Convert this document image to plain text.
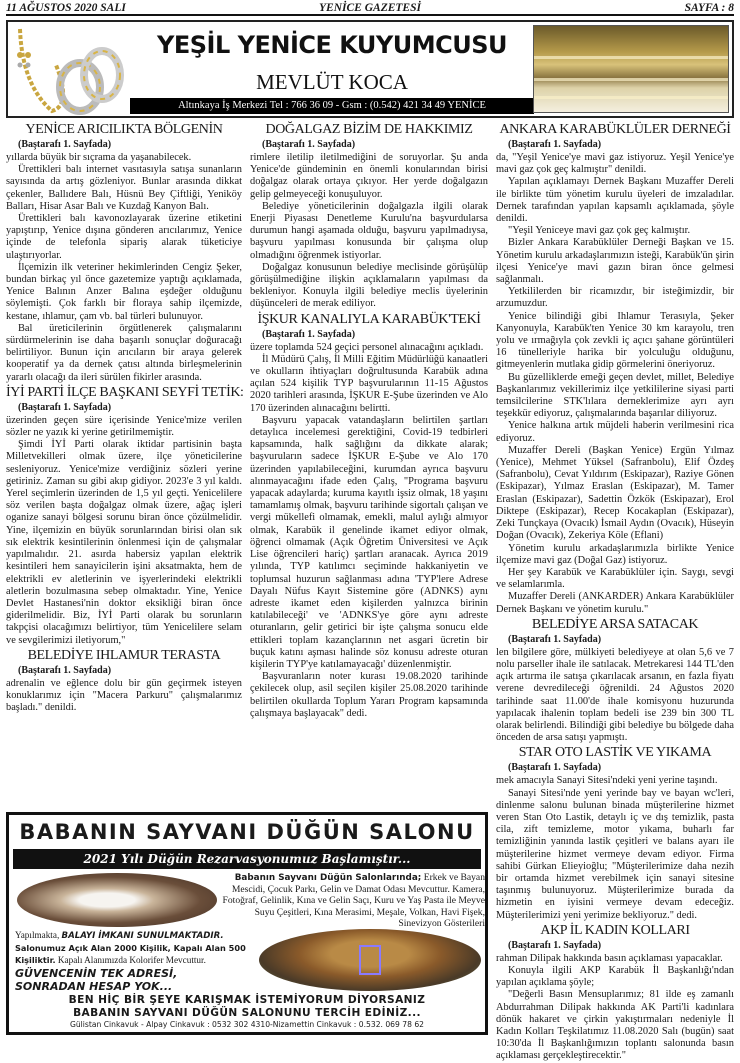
11 AĞUSTOS 2020 SALI	YENİCE GAZETESİ	SAYFA : 8
YEŞİL YENİCE KUYUMCUSU
MEVLÜT KOCA
Altınkaya İş Merkezi Tel : 766 36 09 - Gsm : (0.542) 421 34 49 YENİCE
YENİCE ARICILIKTA BÖLGENİN
(Baştarafı 1. Sayfada)

yıllarda büyük bir sıçrama da yaşanabilecek.

Ürettikleri balı internet vasıtasıyla satışa sunanların sayısında da artış gözleniyor. Bunlar arasında dikkat çekenler, Ballıdere Balı, Hüsnü Bey Çiftliği, Yeniköy Balları, Hisar Asar Balı ve Kuzdağ Kanyon Balı.

Ürettikleri balı kavonozlayarak üzerine etiketini yapıştırıp, Yenice dışına gönderen arıcılarımız, Yenice içinde de telefonla sipariş alarak tüketiciye ulaştırıyorlar.

İlçemizin ilk veteriner hekimlerinden Cengiz Şeker, bundan birkaç yıl önce gazetemize yaptığı açıklamada, Yenice Balının Anzer Balına eşdeğer olduğunu söylemişti. Çok farklı bir floraya sahip ilçemizde, kestane, ıhlamur, çam vb. bal türleri bulunuyor.

Bal üreticilerinin örgütlenerek çalışmalarını sürdürmelerinin ise daha başarılı sonuçlar doğuracağı belirtiliyor. Bunun için arıcıların bir araya gelerek kooperatif ya da dernek çatısı altında birleşmelerinin yararlı olacağı da ileri sürülen fikirler arasında.

İYİ PARTİ İLÇE BAŞKANI SEYFİ TETİK:
(Baştarafı 1. Sayfada)

üzerinden geçen süre içerisinde Yenice'mize verilen sözler ne yazık ki yerine getirilmemiştir.

Şimdi İYİ Parti olarak iktidar partisinin başta Milletvekilleri olmak üzere, ilçe yöneticilerine sesleniyoruz. Yenice'mize verdiğiniz sözleri yerine getiriniz. Zaman su gibi akıp gidiyor. 2023'e 3 yıl kaldı. Yerel seçimlerin üzerinden de 1,5 yıl geçti. Yenicelilere söz verilen başta doğalgaz olmak üzere, ağaç işleri oganize sanayi bölgesi sorunu biran önce çözülmelidir. Yine, ilçemizin en büyük sorunlarından birisi olan sık sık elektrik kesintilerinin önlenmesi için de çalışmalar yapılmalıdır. 21. asırda habersiz yapılan elektrik kesintileri hem sanayicilerin işini aksatmakta, hem de elektrikli ev aletlerinin ve işyerlerindeki elektrikli aletlerin bozulmasına sebep olmaktadır. Yine, Yenice Devlet Hastanesi'nin doktor eksikliği biran önce giderilmelidir. Biz, İYİ Parti olarak bu sorunların takpçisi olacağımızı belirtiyor, tüm Yenicelilere selam ve sevgilerimizi iletiyorum,"

BELEDİYE IHLAMUR TERASTA
(Baştarafı 1. Sayfada)

adrenalin ve eğlence dolu bir gün geçirmek isteyen konuklarımız için "Macera Parkuru" çalışmalarımız başladı." denildi.

DOĞALGAZ BİZİM DE HAKKIMIZ
(Baştarafı 1. Sayfada)

rimlere iletilip iletilmediğini de soruyorlar. Şu anda Yenice'de gündeminin en önemli konularından birisi doğalgaz olarak ortaya çıkıyor. Her yerde doğalgazın gelip gelmeyeceği konuşuluyor.

Belediye yöneticilerinin doğalgazla ilgili olarak Enerji Piyasası Denetleme Kurulu'na başvurdularsa durumun hangi aşamada olduğu, başvuru yapılmadıysa, başvuru yapılması konusunda bir çalışma olup olmadığını öğrenmek istiyorlar.

Doğalgaz konusunun belediye meclisinde görüşülüp görüşülmediğine ilişkin açıklamaların yapılması da bekleniyor. Konuyla ilgili belediye meclis üyelerinin düşünceleri de merak ediliyor.

İŞKUR KANALIYLA KARABÜK'TEKİ
(Baştarafı 1. Sayfada)

üzere toplamda 524 geçici personel alınacağını açıkladı.

İl Müdürü Çalış, İl Milli Eğitim Müdürlüğü kanaatleri ve okulların ihtiyaçları doğrultusunda Karabük adına açılan 524 kişilik TYP başvurularının 11-15 Ağustos 2020 tarihleri arasında, İŞKUR E-Şube üzerinden ve Alo 170 üzerinden alınacağını belirtti.

Başvuru yapacak vatandaşların belirtilen şartları detaylıca incelemesi gerektiğini, Covid-19 tedbirleri kapsamında, halk sağlığını da dikkate alarak; başvuruların sadece İŞKUR E-Şube ve Alo 170 üzerinden yapılabileceğini, kurumdan ayrıca başvuru alınmayacağını ifade eden Çalış, "Programa başvuru yapacak adaylarda; kuruma kayıtlı işsiz olmak, 18 yaşını tamamlamış olmak, başvuru tarihinde sigortalı çalışan ve vergi mükellefi olmamak, emekli, malul aylığı almıyor olmak, Karabük il genelinde ikamet ediyor olmak, öğrenci olmamak (Açık Öğretim Üniversitesi ve Açık Lise öğrencileri hariç) şartları aranacak. Ayrıca 2019 yılında, TYP katılımcı seçiminde hakkaniyetin ve toplumsal huzurun sağlanması adına 'TYP'lere Adrese Dayalı Nüfus Kayıt Sistemine göre (ADNKS) aynı adreste ikamet eden kişilerden yalnızca birinin katılabileceği' ve 'ADNKS'ye göre aynı adreste oturanların, gelir getirici bir işte çalışma sonucu elde ettikleri toplam kazançlarının net asgari ücretin bir buçuk katını aşması halinde söz konusu adreste oturan kişilerin TYP'ye katılamayacağı' düzenlenmiştir.

Başvuranların noter kurası 19.08.2020 tarihinde çekilecek olup, asil seçilen kişiler 25.08.2020 tarihinde belirtilen okullarda Toplum Yararı Program kapsamında çalışmaya başlayacak" dedi.

ANKARA KARABÜKLÜLER DERNEĞİ
(Baştarafı 1. Sayfada)

da, "Yeşil Yenice'ye mavi gaz istiyoruz. Yeşil Yenice'ye mavi gaz çok geç kalmıştır" denildi.

Yapılan açıklamayı Dernek Başkanı Muzaffer Dereli ile birlikte tüm yönetim kurulu üyeleri de imzaladılar. Dernek tarafından yapılan kapsamlı açıklamada, şöyle denildi.

"Yeşil Yeniceye mavi gaz çok geç kalmıştır.

Bizler Ankara Karabüklüler Derneği Başkan ve 15. Yönetim kurulu arkadaşlarımızın isteği, Karabük'ün şirin ilçesi Yenice'ye mavi gazın biran önce gelmesi sağlanmalı.

Yetkililerden bir ricamızdır, bir isteğimizdir, bir arzumuzdur.

Yenice bilindiği gibi Ihlamur Terasıyla, Şeker Kanyonuyla, Karabük'ten Yenice 30 km karayolu, tren yolu ve ırmağıyla çok zevkli iç açıcı şahane görüntüleri 16 tünelleriyle harika bir yolculuğu olduğunu, gitmeyenlerin mutlaka gidip görmelerini öneriyoruz.

Bu güzelliklerde emeği geçen devlet, millet, Belediye Başkanlarımız vekillerimiz ilçe yetkililerine siyasi parti temsilcilerine STK'lılara derneklerimize ayrı ayrı teşekkür ediyoruz, çalışmalarında başarılar diliyoruz.

Yenice halkına artık müjdeli haberin verilmesini rica ediyoruz.

Muzaffer Dereli (Başkan Yenice) Ergün Yılmaz (Yenice), Mehmet Yüksel (Safranbolu), Elif Özdeş (Safranbolu), Cevat Yıldırım (Eskipazar), Raziye Gönen (Eskipazar), Yılmaz Eraslan (Eskipazar), M. Tamer Eraslan (Eskipazar), Sadettin Özkök (Eskipazar), Erol Diktepe (Eskipazar), Recep Kocakaplan (Eskipazar), Zeki Tunçkaya (Ovacık) İsmail Aydın (Ovacık), Hüseyin Doğan (Ovacık), Zekeriya Köle (Eflani)

Yönetim kurulu arkadaşlarımızla birlikte Yenice ilçemize mavi gaz (Doğal Gaz) istiyoruz.

Her şey Karabük ve Karabüklüler için. Saygı, sevgi ve selamlarımla.

Muzaffer Dereli (ANKARDER) Ankara Karabüklüler Dernek Başkanı ve yönetim kurulu."

BELEDİYE ARSA SATACAK
(Baştarafı 1. Sayfada)

len bilgilere göre, mülkiyeti belediyeye at olan 5,6 ve 7 nolu parseller ihale ile satılacak. Metrekaresi 144 TL'den açık artırma ile satışa çıkarılacak arsanın, en fazla fiyatı verene devredileceği öğrenildi. 24 Ağustos 2020 tarihinde saat 11.00'de ihale komisyonu huzurunda yapılacak ihalenin toplam bedeli ise 239 bin 300 TL olarak belirlendi. Bilindiği gibi belediye bu bölgede daha önceden de arsa satışı yapmıştı.

STAR OTO LASTİK VE YIKAMA
(Baştarafı 1. Sayfada)

mek amacıyla Sanayi Sitesi'ndeki yeni yerine taşındı.

Sanayi Sitesi'nde yeni yerinde bay ve bayan wc'leri, dinlenme salonu bulunan binada müşterilerine hizmet veren Stan Oto Lastik, detaylı iç ve dış temizlik, pasta cila, zift temizleme, motor yıkama, buharlı far temizliğinin yanında lastik çeşitleri ve balans ayarı ile müşterilerine hizmet vermeye devam ediyor. Firma sahibi Gürkan Elieyioğlu; "Müşterilerimize daha nezih bir ortamda hizmet verebilmek için sanayi sitesine taşınmış bulunuyoruz. Müşterilerimize burada da hizmetin en iyisini vermeye devam edeceğiz. Müşterilerimizi yeni yerimize bekliyoruz." dedi.

AKP İL KADIN KOLLARI
(Baştarafı 1. Sayfada)

rahman Dilipak hakkında basın açıklaması yapacaklar.

Konuyla ilgili AKP Karabük İl Başkanlığı'ndan yapılan açıklama şöyle;

"Değerli Basın Mensuplarımız; 81 ilde eş zamanlı Abdurrahman Dilipak hakkında AK Parti'li kadınlara dönük hakaret ve çirkin yakıştırmaları nedeniyle İl Kadın Kolları Teşkilatımız 11.08.2020 Salı (bugün) saat 10:30'da İl Başkanlığımızın toplantı salonunda basın açıklaması gerçekleştirecektir."

BABANIN SAYVANI DÜĞÜN SALONU
2021 Yılı Düğün Rezarvasyonumuz Başlamıştır...
Babanın Sayvanı Düğün Salonlarında; Erkek ve Bayan Mescidi, Çocuk Parkı, Gelin ve Damat Odası Mevcuttur. Kamera, Fotoğraf, Gelinlik, Kına ve Gelin Saçı, Kuru ve Yaş Pasta ile Meyve Suyu Çeşitleri, Kına Merasimi, Meşale, Volkan, Havi Fişek, Sinevizyon Gösterileri
Yapılmakta, BALAYI İMKANI SUNULMAKTADIR.
Salonumuz Açık Alan 2000 Kişilik, Kapalı Alan 500
Kişiliktir. Kapalı Alanımızda Kolorifer Mevcuttur.
GÜVENCENİN TEK ADRESİ,
SONRADAN HESAP YOK...
BEN HİÇ BİR ŞEYE KARIŞMAK İSTEMİYORUM DİYORSANIZ
BABANIN SAYVANI DÜĞÜN SALONUNU TERCİH EDİNİZ...
Gülistan Cinkavuk - Alpay Cinkavuk : 0532 302 4310-Nizamettin Cinkavuk : 0.532. 069 78 62
